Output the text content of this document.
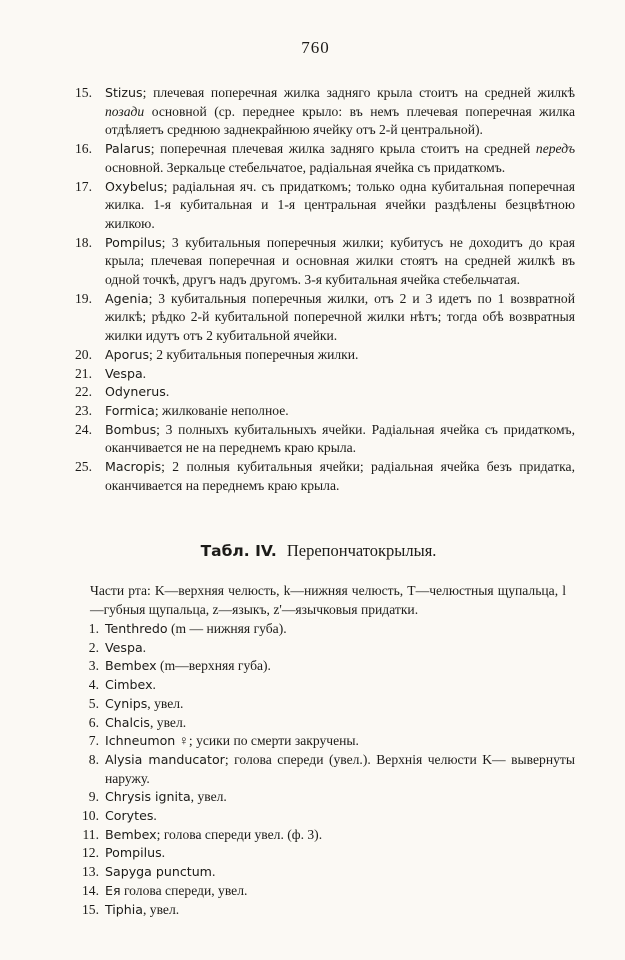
760
15.	Stizus; плечевая поперечная жилка задняго крыла стоитъ на средней жилкѣ позади основной (ср. переднее крыло: въ немъ плечевая поперечная жилка отдѣляетъ среднюю заднекрайнюю ячейку отъ 2-й центральной).
16.	Palarus; поперечная плечевая жилка задняго крыла стоитъ на средней передъ основной. Зеркальце стебельчатое, радіальная ячейка съ придаткомъ.
17.	Oxybelus; радіальная яч. съ придаткомъ; только одна кубитальная поперечная жилка. 1-я кубитальная и 1-я центральная ячейки раздѣлены безцвѣтною жилкою.
18.	Pompilus; 3 кубитальныя поперечныя жилки; кубитусъ не доходитъ до края крыла; плечевая поперечная и основная жилки стоятъ на средней жилкѣ въ одной точкѣ, другъ надъ другомъ. 3-я кубитальная ячейка стебельчатая.
19.	Agenia; 3 кубитальныя поперечныя жилки, отъ 2 и 3 идетъ по 1 возвратной жилкѣ; рѣдко 2-й кубитальной поперечной жилки нѣтъ; тогда обѣ возвратныя жилки идутъ отъ 2 кубитальной ячейки.
20.	Aporus; 2 кубитальныя поперечныя жилки.
21.	Vespa.
22.	Odynerus.
23.	Formica; жилкованіе неполное.
24.	Bombus; 3 полныхъ кубитальныхъ ячейки. Радіальная ячейка съ придаткомъ, оканчивается не на переднемъ краю крыла.
25.	Macropis; 2 полныя кубитальныя ячейки; радіальная ячейка безъ придатка, оканчивается на переднемъ краю крыла.
Табл. IV. Перепончатокрылыя.
Части рта: K—верхняя челюсть, k—нижняя челюсть, T—челюстныя щупальца, l—губныя щупальца, z—языкъ, z'—язычковыя придатки.
1. Tenthredo (m — нижняя губа).
2. Vespa.
3. Bembex (m—верхняя губа).
4. Cimbex.
5. Cynips, увел.
6. Chalcis, увел.
7. Ichneumon ♀; усики по смерти закручены.
8. Alysia manducator; голова спереди (увел.). Верхнія челюсти K— вывернуты наружу.
9. Chrysis ignita, увел.
10. Corytes.
11. Bembex; голова спереди увел. (ф. 3).
12. Pompilus.
13. Sapyga punctum.
14. Ея голова спереди, увел.
15. Tiphia, увел.
